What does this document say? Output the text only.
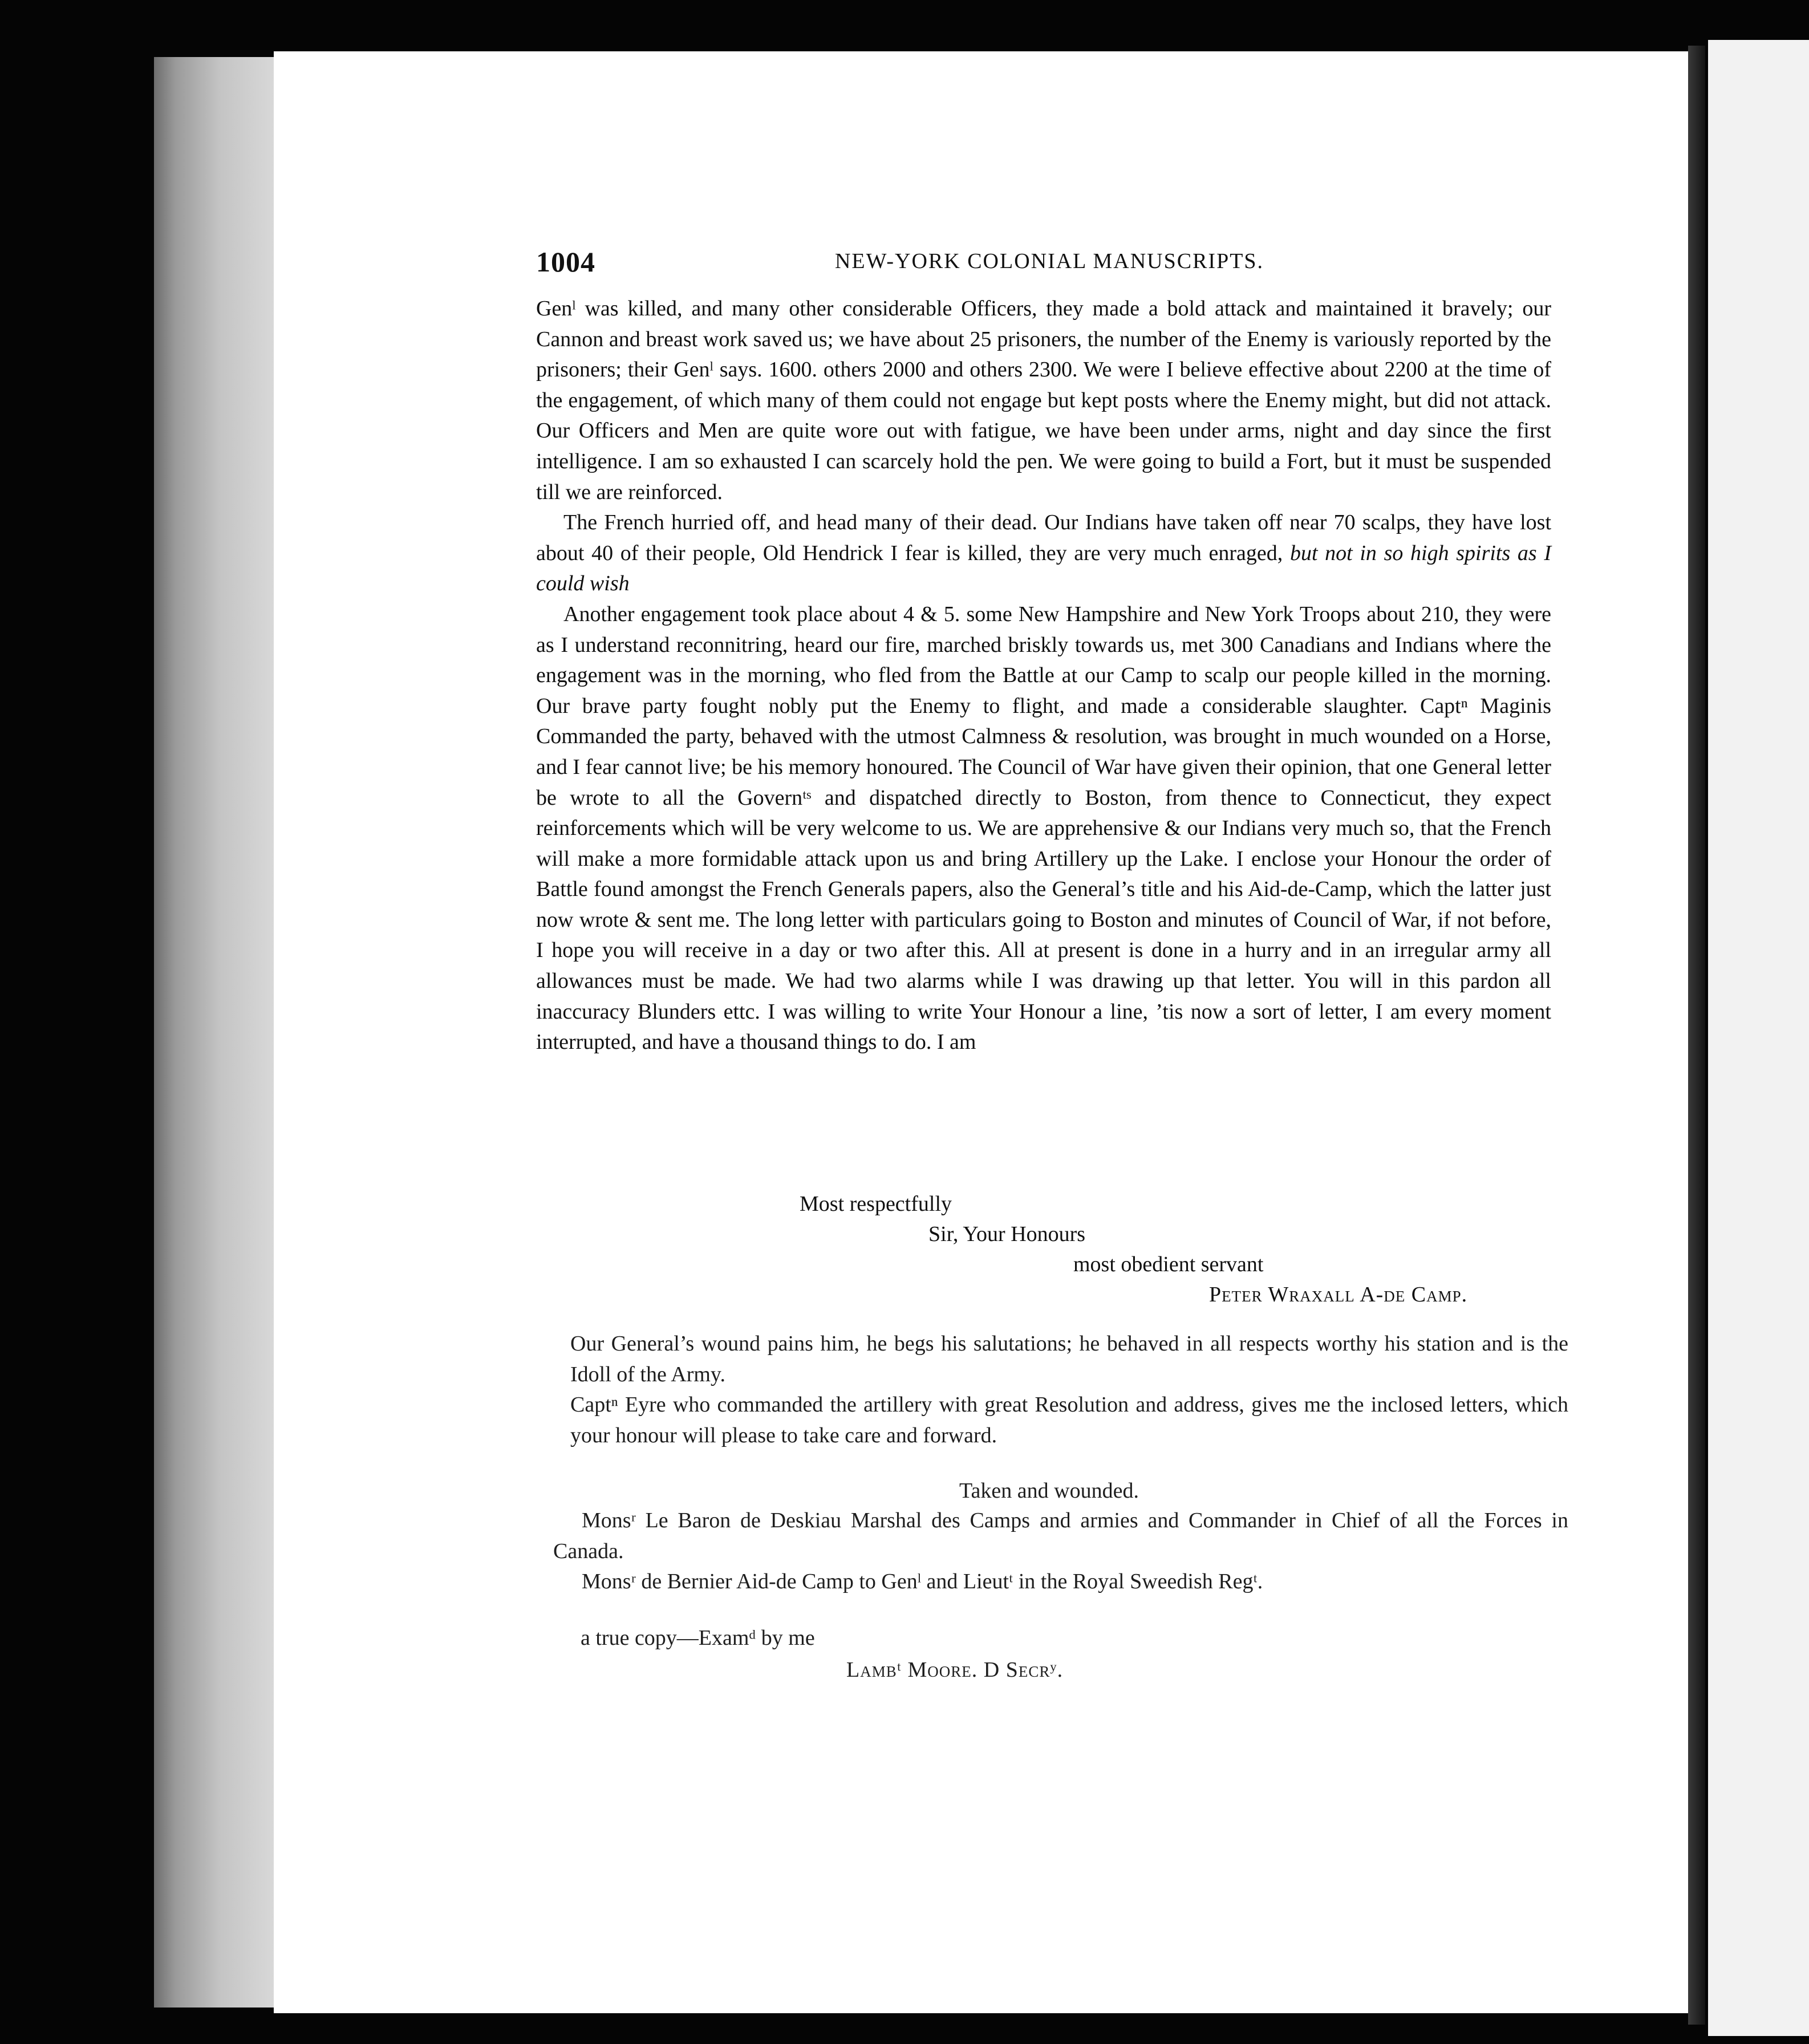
1004	NEW-YORK COLONIAL MANUSCRIPTS.

Genˡ was killed, and many other considerable Officers, they made a bold attack and maintained it bravely; our Cannon and breast work saved us; we have about 25 prisoners, the number of the Enemy is variously reported by the prisoners; their Genˡ says. 1600. others 2000 and others 2300. We were I believe effective about 2200 at the time of the engagement, of which many of them could not engage but kept posts where the Enemy might, but did not attack. Our Officers and Men are quite wore out with fatigue, we have been under arms, night and day since the first intelligence. I am so exhausted I can scarcely hold the pen. We were going to build a Fort, but it must be suspended till we are reinforced.

The French hurried off, and head many of their dead. Our Indians have taken off near 70 scalps, they have lost about 40 of their people, Old Hendrick I fear is killed, they are very much enraged, but not in so high spirits as I could wish

Another engagement took place about 4 & 5. some New Hampshire and New York Troops about 210, they were as I understand reconnitring, heard our fire, marched briskly towards us, met 300 Canadians and Indians where the engagement was in the morning, who fled from the Battle at our Camp to scalp our people killed in the morning. Our brave party fought nobly put the Enemy to flight, and made a considerable slaughter. Captⁿ Maginis Commanded the party, behaved with the utmost Calmness & resolution, was brought in much wounded on a Horse, and I fear cannot live; be his memory honoured. The Council of War have given their opinion, that one General letter be wrote to all the Governᵗˢ and dispatched directly to Boston, from thence to Connecticut, they expect reinforcements which will be very welcome to us. We are apprehensive & our Indians very much so, that the French will make a more formidable attack upon us and bring Artillery up the Lake. I enclose your Honour the order of Battle found amongst the French Generals papers, also the General’s title and his Aid-de-Camp, which the latter just now wrote & sent me. The long letter with particulars going to Boston and minutes of Council of War, if not before, I hope you will receive in a day or two after this. All at present is done in a hurry and in an irregular army all allowances must be made. We had two alarms while I was drawing up that letter. You will in this pardon all inaccuracy Blunders ettc. I was willing to write Your Honour a line, ’tis now a sort of letter, I am every moment interrupted, and have a thousand things to do. I am

Most respectfully
Sir, Your Honours
most obedient servant
Peter Wraxall A-de Camp.

Our General’s wound pains him, he begs his salutations; he behaved in all respects worthy his station and is the Idoll of the Army.

Captⁿ Eyre who commanded the artillery with great Resolution and address, gives me the inclosed letters, which your honour will please to take care and forward.

Taken and wounded.

Monsʳ Le Baron de Deskiau Marshal des Camps and armies and Commander in Chief of all the Forces in Canada.

Monsʳ de Bernier Aid-de Camp to Genˡ and Lieutᵗ in the Royal Sweedish Regᵗ.

a true copy—Examᵈ by me
Lambᵗ Moore. D Secrʸ.
